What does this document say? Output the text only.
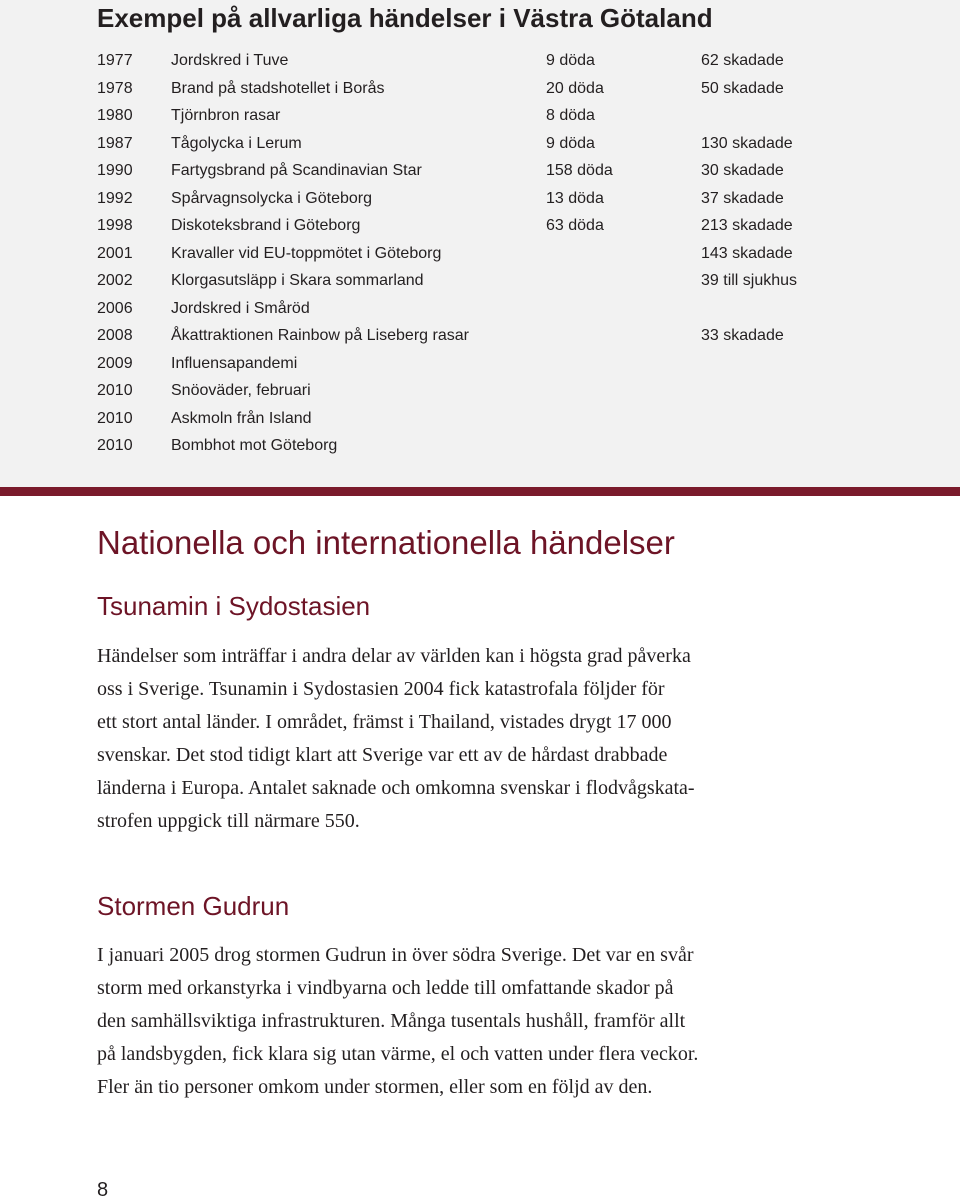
Exempel på allvarliga händelser i Västra Götaland
1977 Jordskred i Tuve	9 döda	62 skadade
1978 Brand på stadshotellet i Borås	20 döda	50 skadade
1980 Tjörnbron rasar	8 döda
1987 Tågolycka i Lerum	9 döda	130 skadade
1990 Fartygsbrand på Scandinavian Star	158 döda	30 skadade
1992 Spårvagnsolycka i Göteborg	13 döda	37 skadade
1998 Diskoteksbrand i Göteborg	63 döda	213 skadade
2001 Kravaller vid EU-toppmötet i Göteborg	143 skadade
2002 Klorgasutsläpp i Skara sommarland	39 till sjukhus
2006 Jordskred i Småröd
2008 Åkattraktionen Rainbow på Liseberg rasar	33 skadade
2009 Influensapandemi
2010 Snöoväder, februari
2010 Askmoln från Island
2010 Bombhot mot Göteborg
Nationella och internationella händelser
Tsunamin i Sydostasien

Händelser som inträffar i andra delar av världen kan i högsta grad påverka
oss i Sverige. Tsunamin i Sydostasien 2004 fick katastrofala följder för
ett stort antal länder. I området, främst i Thailand, vistades drygt 17 000
svenskar. Det stod tidigt klart att Sverige var ett av de hårdast drabbade
länderna i Europa. Antalet saknade och omkomna svenskar i flodvågskata-
strofen uppgick till närmare 550.

Stormen Gudrun

I januari 2005 drog stormen Gudrun in över södra Sverige. Det var en svår
storm med orkanstyrka i vindbyarna och ledde till omfattande skador på
den samhällsviktiga infrastrukturen. Många tusentals hushåll, framför allt
på landsbygden, fick klara sig utan värme, el och vatten under flera veckor.
Fler än tio personer omkom under stormen, eller som en följd av den.

8
